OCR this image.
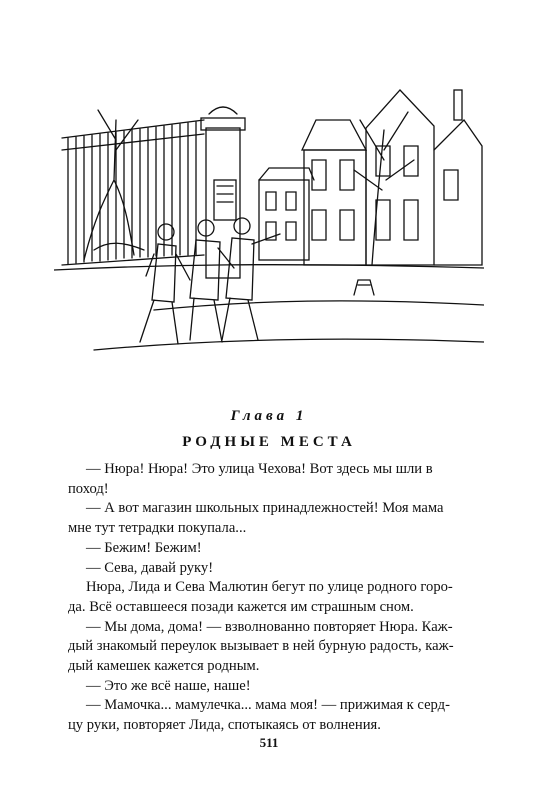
Глава 1
РОДНЫЕ МЕСТА

— Нюра! Нюра! Это улица Чехова! Вот здесь мы шли в

поход!

— А вот магазин школьных принадлежностей! Моя мама

мне тут тетрадки покупала...

— Бежим! Бежим!

— Сева, давай руку!

Нюра, Лида и Сева Малютин бегут по улице родного горо-

да. Всё оставшееся позади кажется им страшным сном.

— Мы дома, дома! — взволнованно повторяет Нюра. Каж-

дый знакомый переулок вызывает в ней бурную радость, каж-

дый камешек кажется родным.

— Это же всё наше, наше!

— Мамочка... мамулечка... мама моя! — прижимая к серд-

цу руки, повторяет Лида, спотыкаясь от волнения.

511
